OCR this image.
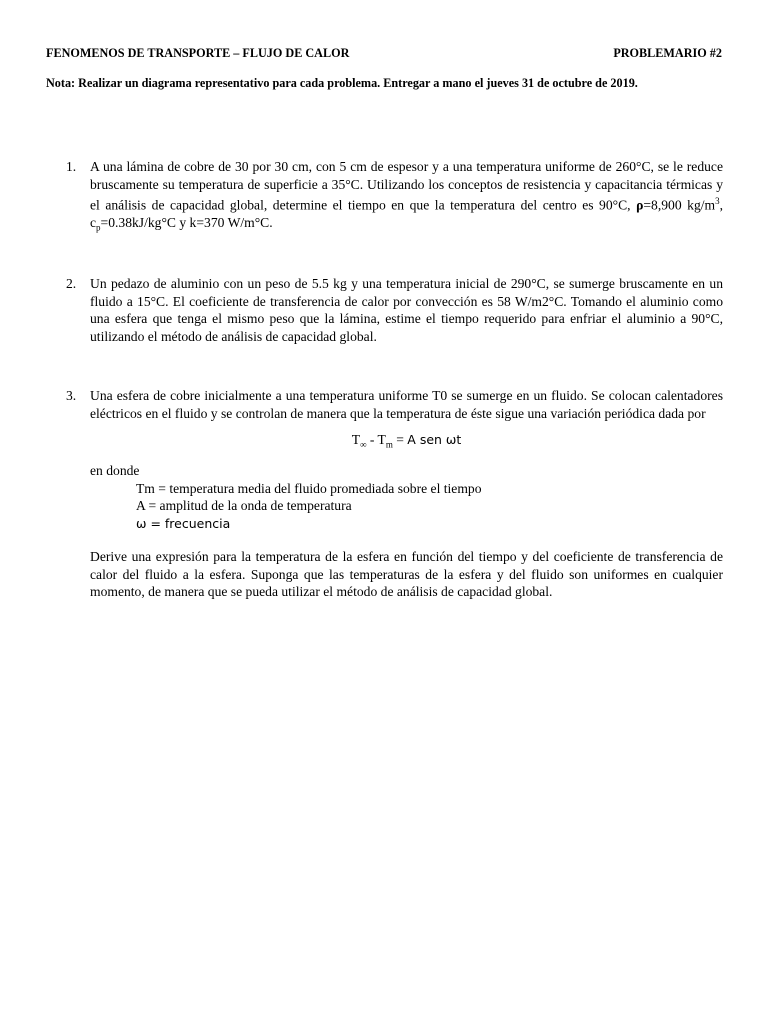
FENOMENOS DE TRANSPORTE – FLUJO DE CALOR	PROBLEMARIO #2
Nota: Realizar un diagrama representativo para cada problema. Entregar a mano el jueves 31 de octubre de 2019.
1. A una lámina de cobre de 30 por 30 cm, con 5 cm de espesor y a una temperatura uniforme de 260°C, se le reduce bruscamente su temperatura de superficie a 35°C. Utilizando los conceptos de resistencia y capacitancia térmicas y el análisis de capacidad global, determine el tiempo en que la temperatura del centro es 90°C, ρ=8,900 $kg/m^3$, $c_p=0.38kJ/kg^\circ C$ y k=370 W/m°C.
2. Un pedazo de aluminio con un peso de 5.5 kg y una temperatura inicial de 290°C, se sumerge bruscamente en un fluido a 15°C. El coeficiente de transferencia de calor por convección es 58 W/m2°C. Tomando el aluminio como una esfera que tenga el mismo peso que la lámina, estime el tiempo requerido para enfriar el aluminio a 90°C, utilizando el método de análisis de capacidad global.
3. Una esfera de cobre inicialmente a una temperatura uniforme T0 se sumerge en un fluido. Se colocan calentadores eléctricos en el fluido y se controlan de manera que la temperatura de éste sigue una variación periódica dada por
$T_\infty - T_m = A$ sen ωt
en donde
Tm = temperatura media del fluido promediada sobre el tiempo
A = amplitud de la onda de temperatura
ω = frecuencia
Derive una expresión para la temperatura de la esfera en función del tiempo y del coeficiente de transferencia de calor del fluido a la esfera. Suponga que las temperaturas de la esfera y del fluido son uniformes en cualquier momento, de manera que se pueda utilizar el método de análisis de capacidad global.
